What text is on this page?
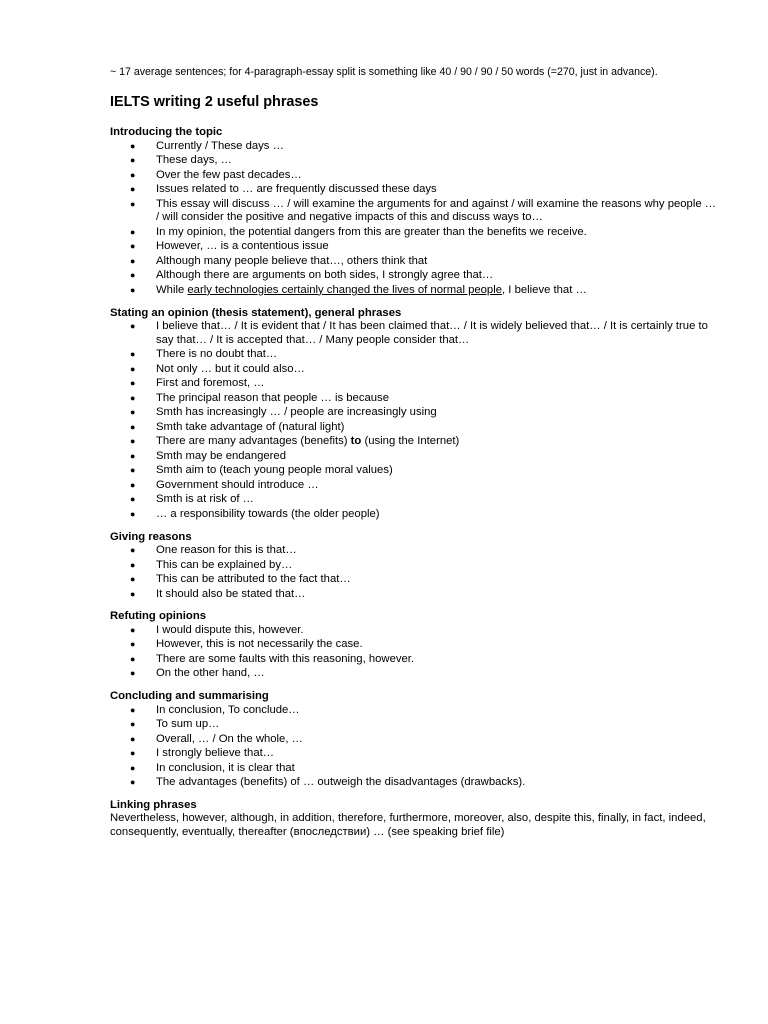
~ 17 average sentences; for 4-paragraph-essay split is something like 40 / 90 / 90 / 50 words (=270, just in advance).
IELTS writing 2 useful phrases
Introducing the topic
● Currently / These days …
● These days, …
● Over the few past decades…
● Issues related to … are frequently discussed these days
● This essay will discuss … / will examine the arguments for and against / will examine the reasons why people … / will consider the positive and negative impacts of this and discuss ways to…
● In my opinion, the potential dangers from this are greater than the benefits we receive.
● However, … is a contentious issue
● Although many people believe that…, others think that
● Although there are arguments on both sides, I strongly agree that…
● While early technologies certainly changed the lives of normal people, I believe that …
Stating an opinion (thesis statement), general phrases
● I believe that… / It is evident that / It has been claimed that… / It is widely believed that… / It is certainly true to say that… / It is accepted that… / Many people consider that…
● There is no doubt that…
● Not only … but it could also…
● First and foremost, …
● The principal reason that people … is because
● Smth has increasingly … / people are increasingly using
● Smth take advantage of (natural light)
● There are many advantages (benefits) to (using the Internet)
● Smth may be endangered
● Smth aim to (teach young people moral values)
● Government should introduce …
● Smth is at risk of …
● … a responsibility towards (the older people)
Giving reasons
● One reason for this is that…
● This can be explained by…
● This can be attributed to the fact that…
● It should also be stated that…
Refuting opinions
● I would dispute this, however.
● However, this is not necessarily the case.
● There are some faults with this reasoning, however.
● On the other hand, …
Concluding and summarising
● In conclusion, To conclude…
● To sum up…
● Overall, … / On the whole, …
● I strongly believe that…
● In conclusion, it is clear that
● The advantages (benefits) of … outweigh the disadvantages (drawbacks).
Linking phrases

Nevertheless, however, although, in addition, therefore, furthermore, moreover, also, despite this, finally, in fact, indeed, consequently, eventually, thereafter (впоследствии) … (see speaking brief file)
